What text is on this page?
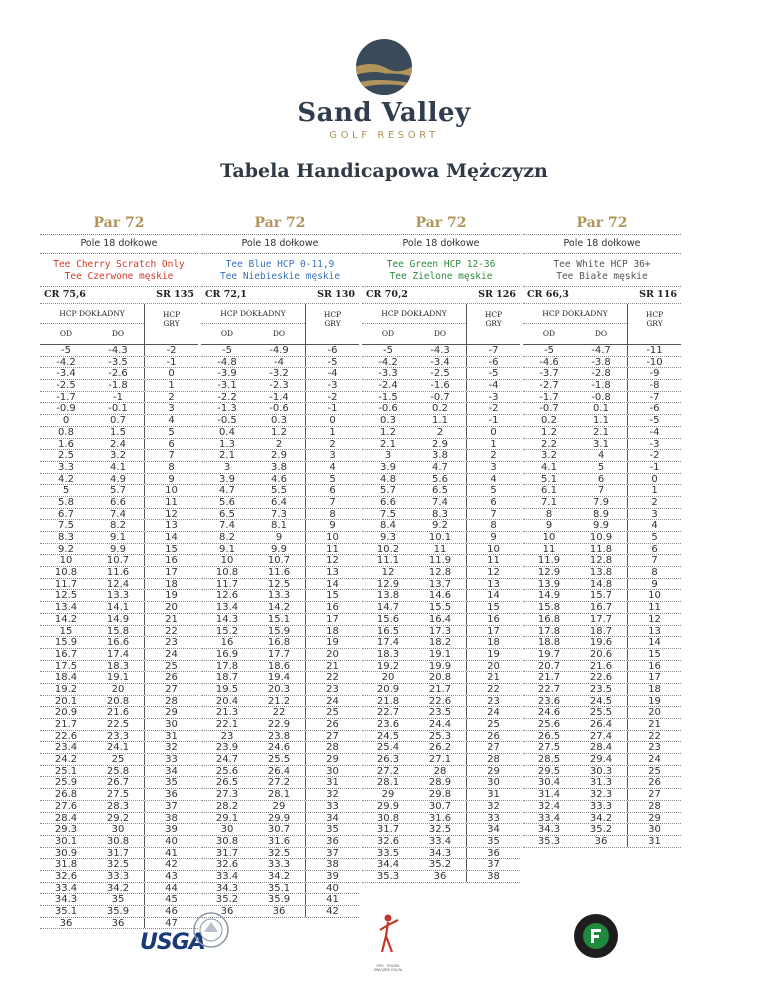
Sand Valley
GOLF RESORT
Tabela Handicapowa Mężczyzn
Par 72
Pole 18 dołkowe
Tee Cherry Scratch Only
Tee Czerwone męskie
CR 75,6	SR 135
HCP DOKŁADNY
OD	DO
HCP
GRY
-5	-4.3	-2
-4.2	-3.5	-1
-3.4	-2.6	0
-2.5	-1.8	1
-1.7	-1	2
-0.9	-0.1	3
0	0.7	4
0.8	1.5	5
1.6	2.4	6
2.5	3.2	7
3.3	4.1	8
4.2	4.9	9
5	5.7	10
5.8	6.6	11
6.7	7.4	12
7.5	8.2	13
8.3	9.1	14
9.2	9.9	15
10	10.7	16
10.8	11.6	17
11.7	12.4	18
12.5	13.3	19
13.4	14.1	20
14.2	14.9	21
15	15.8	22
15.9	16.6	23
16.7	17.4	24
17.5	18.3	25
18.4	19.1	26
19.2	20	27
20.1	20.8	28
20.9	21.6	29
21.7	22.5	30
22.6	23.3	31
23.4	24.1	32
24.2	25	33
25.1	25.8	34
25.9	26.7	35
26.8	27.5	36
27.6	28.3	37
28.4	29.2	38
29.3	30	39
30.1	30.8	40
30.9	31.7	41
31.8	32.5	42
32.6	33.3	43
33.4	34.2	44
34.3	35	45
35.1	35.9	46
36	36	47
Par 72
Pole 18 dołkowe
Tee Blue HCP 0-11,9
Tee Niebieskie męskie
CR 72,1	SR 130
HCP DOKŁADNY
OD	DO
HCP
GRY
-5	-4.9	-6
-4.8	-4	-5
-3.9	-3.2	-4
-3.1	-2.3	-3
-2.2	-1.4	-2
-1.3	-0.6	-1
-0.5	0.3	0
0.4	1.2	1
1.3	2	2
2.1	2.9	3
3	3.8	4
3.9	4.6	5
4.7	5.5	6
5.6	6.4	7
6.5	7.3	8
7.4	8.1	9
8.2	9	10
9.1	9.9	11
10	10.7	12
10.8	11.6	13
11.7	12.5	14
12.6	13.3	15
13.4	14.2	16
14.3	15.1	17
15.2	15.9	18
16	16.8	19
16.9	17.7	20
17.8	18.6	21
18.7	19.4	22
19.5	20.3	23
20.4	21.2	24
21.3	22	25
22.1	22.9	26
23	23.8	27
23.9	24.6	28
24.7	25.5	29
25.6	26.4	30
26.5	27.2	31
27.3	28.1	32
28.2	29	33
29.1	29.9	34
30	30.7	35
30.8	31.6	36
31.7	32.5	37
32.6	33.3	38
33.4	34.2	39
34.3	35.1	40
35.2	35.9	41
36	36	42
Par 72
Pole 18 dołkowe
Tee Green HCP 12-36
Tee Zielone męskie
CR 70,2	SR 126
HCP DOKŁADNY
OD	DO
HCP
GRY
-5	-4.3	-7
-4.2	-3.4	-6
-3.3	-2.5	-5
-2.4	-1.6	-4
-1.5	-0.7	-3
-0.6	0.2	-2
0.3	1.1	-1
1.2	2	0
2.1	2.9	1
3	3.8	2
3.9	4.7	3
4.8	5.6	4
5.7	6.5	5
6.6	7.4	6
7.5	8.3	7
8.4	9.2	8
9.3	10.1	9
10.2	11	10
11.1	11.9	11
12	12.8	12
12.9	13.7	13
13.8	14.6	14
14.7	15.5	15
15.6	16.4	16
16.5	17.3	17
17.4	18.2	18
18.3	19.1	19
19.2	19.9	20
20	20.8	21
20.9	21.7	22
21.8	22.6	23
22.7	23.5	24
23.6	24.4	25
24.5	25.3	26
25.4	26.2	27
26.3	27.1	28
27.2	28	29
28.1	28.9	30
29	29.8	31
29.9	30.7	32
30.8	31.6	33
31.7	32.5	34
32.6	33.4	35
33.5	34.3	36
34.4	35.2	37
35.3	36	38
Par 72
Pole 18 dołkowe
Tee White HCP 36+
Tee Białe męskie
CR 66,3	SR 116
HCP DOKŁADNY
OD	DO
HCP
GRY
-5	-4.7	-11
-4.6	-3.8	-10
-3.7	-2.8	-9
-2.7	-1.8	-8
-1.7	-0.8	-7
-0.7	0.1	-6
0.2	1.1	-5
1.2	2.1	-4
2.2	3.1	-3
3.2	4	-2
4.1	5	-1
5.1	6	0
6.1	7	1
7.1	7.9	2
8	8.9	3
9	9.9	4
10	10.9	5
11	11.8	6
11.9	12.8	7
12.9	13.8	8
13.9	14.8	9
14.9	15.7	10
15.8	16.7	11
16.8	17.7	12
17.8	18.7	13
18.8	19.6	14
19.7	20.6	15
20.7	21.6	16
21.7	22.6	17
22.7	23.5	18
23.6	24.5	19
24.6	25.5	20
25.6	26.4	21
26.5	27.4	22
27.5	28.4	23
28.5	29.4	24
29.5	30.3	25
30.4	31.3	26
31.4	32.3	27
32.4	33.3	28
33.4	34.2	29
34.3	35.2	30
35.3	36	31
USGA
PZG · POLSKI ZWIĄZEK GOLFA
